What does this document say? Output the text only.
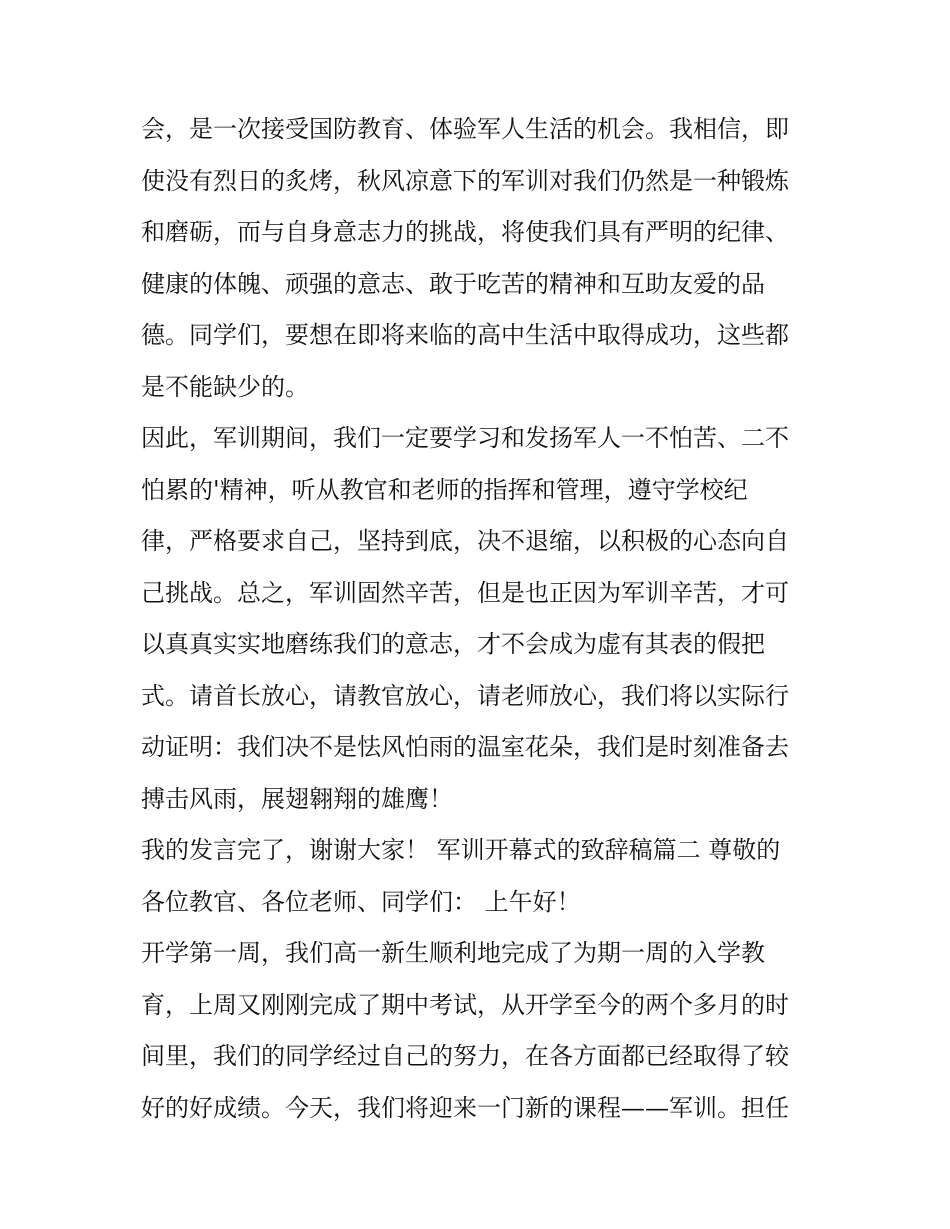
会，是一次接受国防教育、体验军人生活的机会。我相信，即
使没有烈日的炙烤，秋风凉意下的军训对我们仍然是一种锻炼
和磨砺，而与自身意志力的挑战，将使我们具有严明的纪律、
健康的体魄、顽强的意志、敢于吃苦的精神和互助友爱的品
德。同学们，要想在即将来临的高中生活中取得成功，这些都
是不能缺少的。
因此，军训期间，我们一定要学习和发扬军人一不怕苦、二不
怕累的'精神，听从教官和老师的指挥和管理，遵守学校纪
律，严格要求自己，坚持到底，决不退缩，以积极的心态向自
己挑战。总之，军训固然辛苦，但是也正因为军训辛苦，才可
以真真实实地磨练我们的意志，才不会成为虚有其表的假把
式。请首长放心，请教官放心，请老师放心，我们将以实际行
动证明：我们决不是怯风怕雨的温室花朵，我们是时刻准备去
搏击风雨，展翅翱翔的雄鹰！
我的发言完了，谢谢大家！ 军训开幕式的致辞稿篇二 尊敬的
各位教官、各位老师、同学们： 上午好！
开学第一周，我们高一新生顺利地完成了为期一周的入学教
育，上周又刚刚完成了期中考试，从开学至今的两个多月的时
间里，我们的同学经过自己的努力，在各方面都已经取得了较
好的好成绩。今天，我们将迎来一门新的课程——军训。担任
